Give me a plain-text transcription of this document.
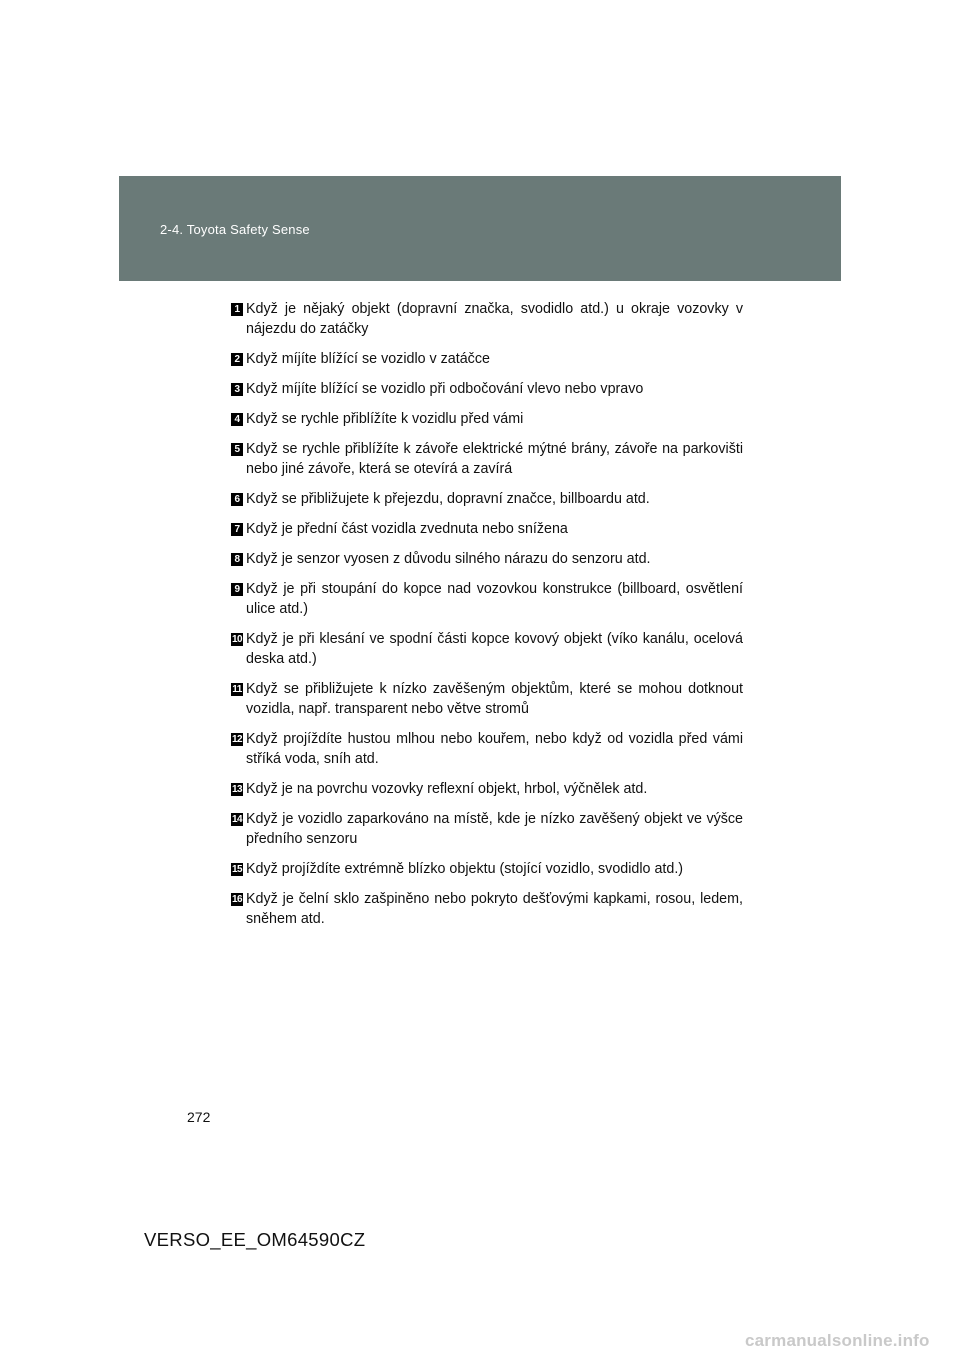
2-4. Toyota Safety Sense
1 Když je nějaký objekt (dopravní značka, svodidlo atd.) u okraje vozovky v nájezdu do zatáčky
2 Když míjíte blížící se vozidlo v zatáčce
3 Když míjíte blížící se vozidlo při odbočování vlevo nebo vpravo
4 Když se rychle přiblížíte k vozidlu před vámi
5 Když se rychle přiblížíte k závoře elektrické mýtné brány, závoře na parkovišti nebo jiné závoře, která se otevírá a zavírá
6 Když se přibližujete k přejezdu, dopravní značce, billboardu atd.
7 Když je přední část vozidla zvednuta nebo snížena
8 Když je senzor vyosen z důvodu silného nárazu do senzoru atd.
9 Když je při stoupání do kopce nad vozovkou konstrukce (billboard, osvětlení ulice atd.)
10 Když je při klesání ve spodní části kopce kovový objekt (víko kanálu, ocelová deska atd.)
11 Když se přibližujete k nízko zavěšeným objektům, které se mohou dotknout vozidla, např. transparent nebo větve stromů
12 Když projíždíte hustou mlhou nebo kouřem, nebo když od vozidla před vámi stříká voda, sníh atd.
13 Když je na povrchu vozovky reflexní objekt, hrbol, výčnělek atd.
14 Když je vozidlo zaparkováno na místě, kde je nízko zavěšený objekt ve výšce předního senzoru
15 Když projíždíte extrémně blízko objektu (stojící vozidlo, svodidlo atd.)
16 Když je čelní sklo zašpiněno nebo pokryto dešťovými kapkami, rosou, ledem, sněhem atd.
272
VERSO_EE_OM64590CZ
carmanualsonline.info
